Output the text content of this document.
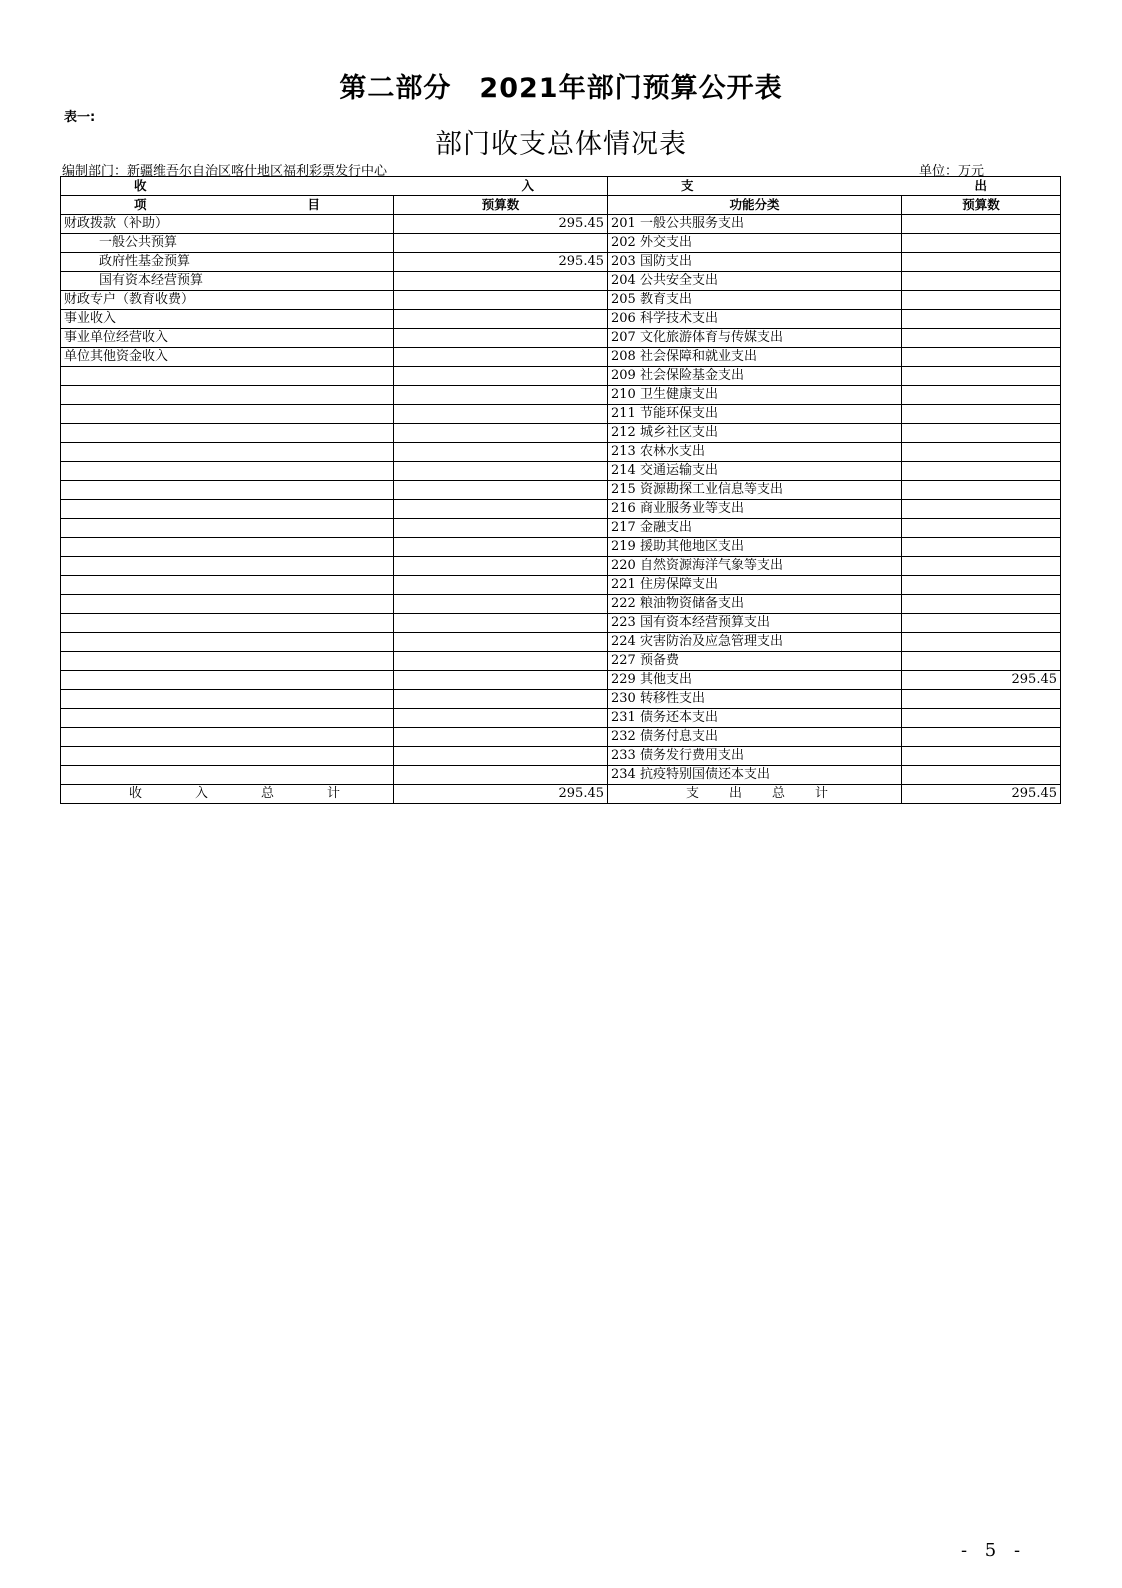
第二部分　2021年部门预算公开表
表一:
部门收支总体情况表
编制部门：新疆维吾尔自治区喀什地区福利彩票发行中心	单位：万元
收 入		支 出	

项 目	预算数	功能分类	预算数
财政拨款（补助）	295.45	201 一般公共服务支出	
一般公共预算		202 外交支出	
政府性基金预算	295.45	203 国防支出	
国有资本经营预算		204 公共安全支出	
财政专户（教育收费）		205 教育支出	
事业收入		206 科学技术支出	
事业单位经营收入		207 文化旅游体育与传媒支出	
单位其他资金收入		208 社会保障和就业支出	
		209 社会保险基金支出	
		210 卫生健康支出	
		211 节能环保支出	
		212 城乡社区支出	
		213 农林水支出	
		214 交通运输支出	
		215 资源勘探工业信息等支出	
		216 商业服务业等支出	
		217 金融支出	
		219 援助其他地区支出	
		220 自然资源海洋气象等支出	
		221 住房保障支出	
		222 粮油物资储备支出	
		223 国有资本经营预算支出	
		224 灾害防治及应急管理支出	
		227 预备费	
		229 其他支出	295.45
		230 转移性支出	
		231 债务还本支出	
		232 债务付息支出	
		233 债务发行费用支出	
		234 抗疫特别国债还本支出	

收 入 总 计	295.45	支 出 总 计	295.45
- 5 -
